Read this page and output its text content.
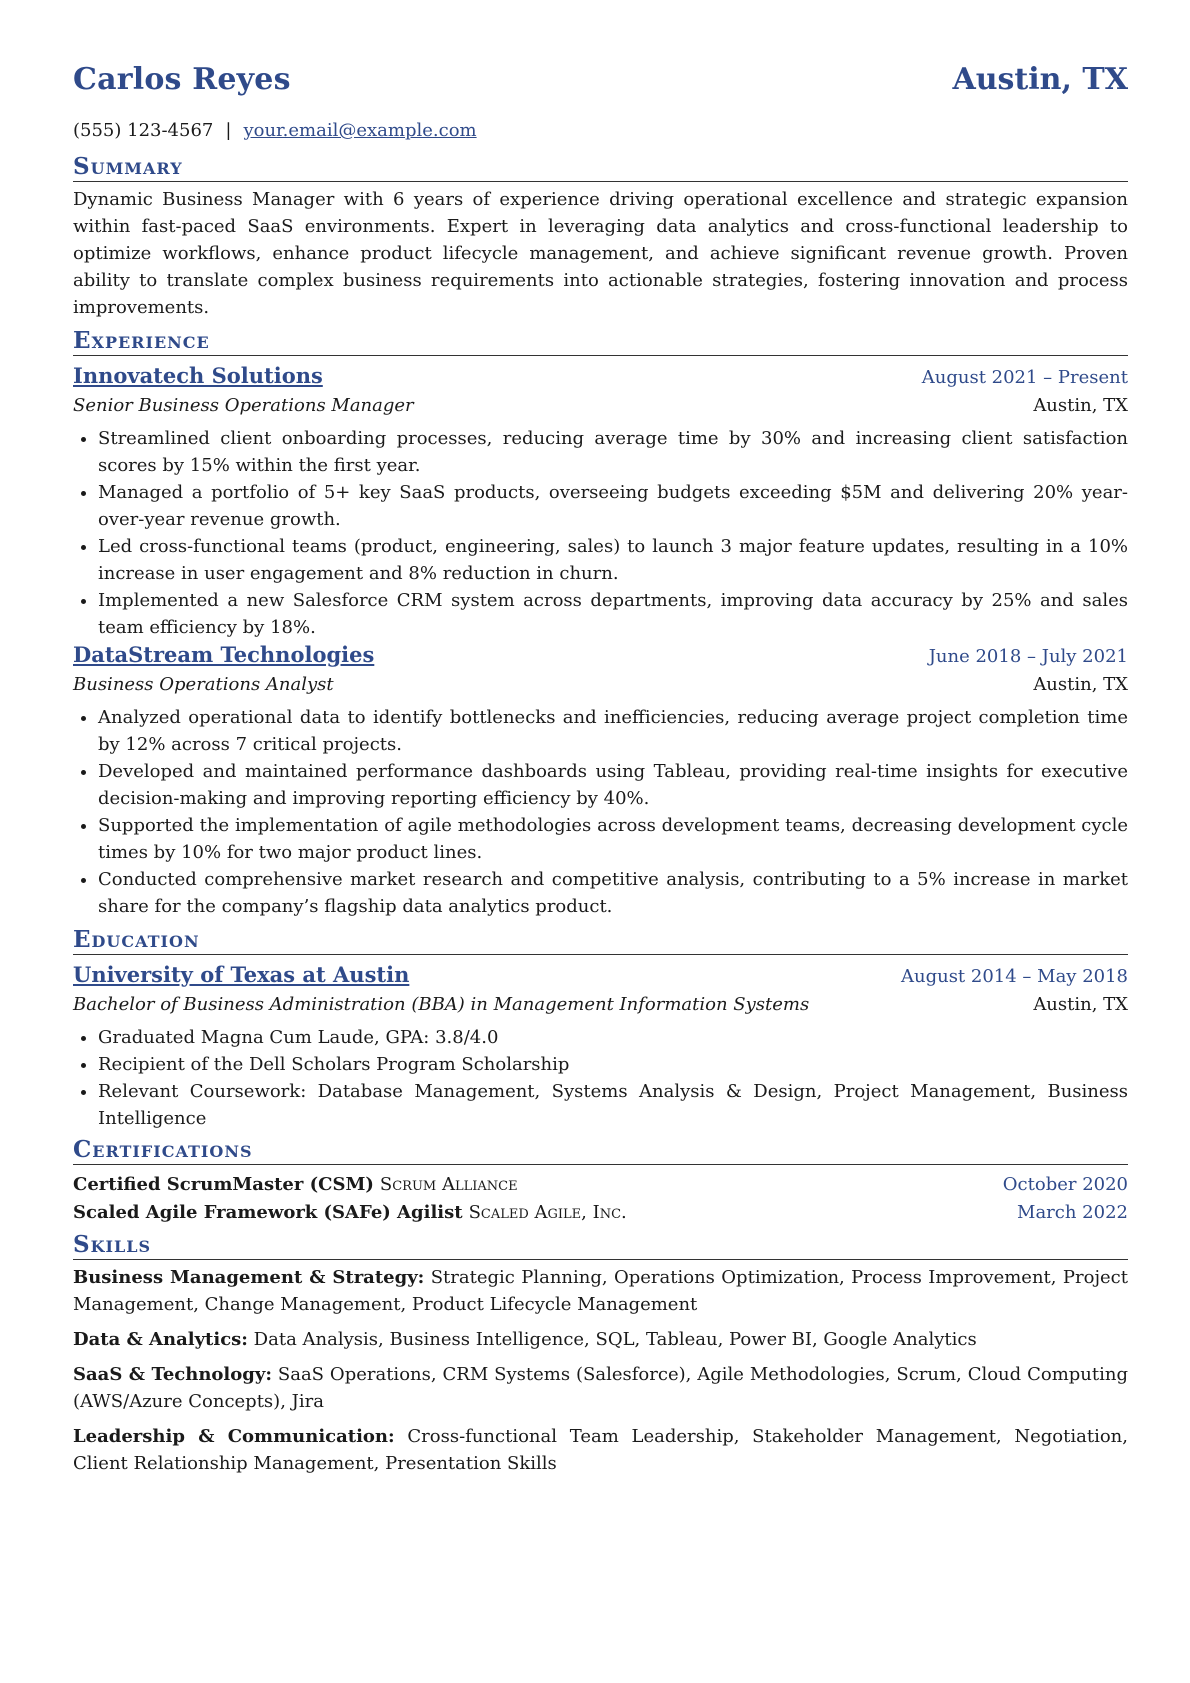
Carlos Reyes	Austin, TX
(555) 123-4567 | your.email@example.com
Summary

Dynamic Business Manager with 6 years of experience driving operational excellence and strategic expansion within fast-paced SaaS environments. Expert in leveraging data analytics and cross-functional leadership to optimize workflows, enhance product lifecycle management, and achieve significant revenue growth. Proven ability to translate complex business requirements into actionable strategies, fostering innovation and process improvements.

Experience
Innovatech Solutions	August 2021 – Present
Senior Business Operations Manager	Austin, TX
• Streamlined client onboarding processes, reducing average time by 30% and increasing client satisfaction scores by 15% within the first year.
• Managed a portfolio of 5+ key SaaS products, overseeing budgets exceeding $5M and delivering 20% year-over-year revenue growth.
• Led cross-functional teams (product, engineering, sales) to launch 3 major feature updates, resulting in a 10% increase in user engagement and 8% reduction in churn.
• Implemented a new Salesforce CRM system across departments, improving data accuracy by 25% and sales team efficiency by 18%.
DataStream Technologies	June 2018 – July 2021
Business Operations Analyst	Austin, TX
• Analyzed operational data to identify bottlenecks and inefficiencies, reducing average project completion time by 12% across 7 critical projects.
• Developed and maintained performance dashboards using Tableau, providing real-time insights for executive decision-making and improving reporting efficiency by 40%.
• Supported the implementation of agile methodologies across development teams, decreasing development cycle times by 10% for two major product lines.
• Conducted comprehensive market research and competitive analysis, contributing to a 5% increase in market share for the company’s flagship data analytics product.
Education
University of Texas at Austin	August 2014 – May 2018
Bachelor of Business Administration (BBA) in Management Information Systems	Austin, TX
• Graduated Magna Cum Laude, GPA: 3.8/4.0
• Recipient of the Dell Scholars Program Scholarship
• Relevant Coursework: Database Management, Systems Analysis & Design, Project Management, Business Intelligence
Certifications
Certified ScrumMaster (CSM) Scrum Alliance	October 2020
Scaled Agile Framework (SAFe) Agilist Scaled Agile, Inc.	March 2022
Skills
Business Management & Strategy: Strategic Planning, Operations Optimization, Process Improvement, Project Management, Change Management, Product Lifecycle Management
Data & Analytics: Data Analysis, Business Intelligence, SQL, Tableau, Power BI, Google Analytics
SaaS & Technology: SaaS Operations, CRM Systems (Salesforce), Agile Methodologies, Scrum, Cloud Computing (AWS/Azure Concepts), Jira
Leadership & Communication: Cross-functional Team Leadership, Stakeholder Management, Negotiation, Client Relationship Management, Presentation Skills
